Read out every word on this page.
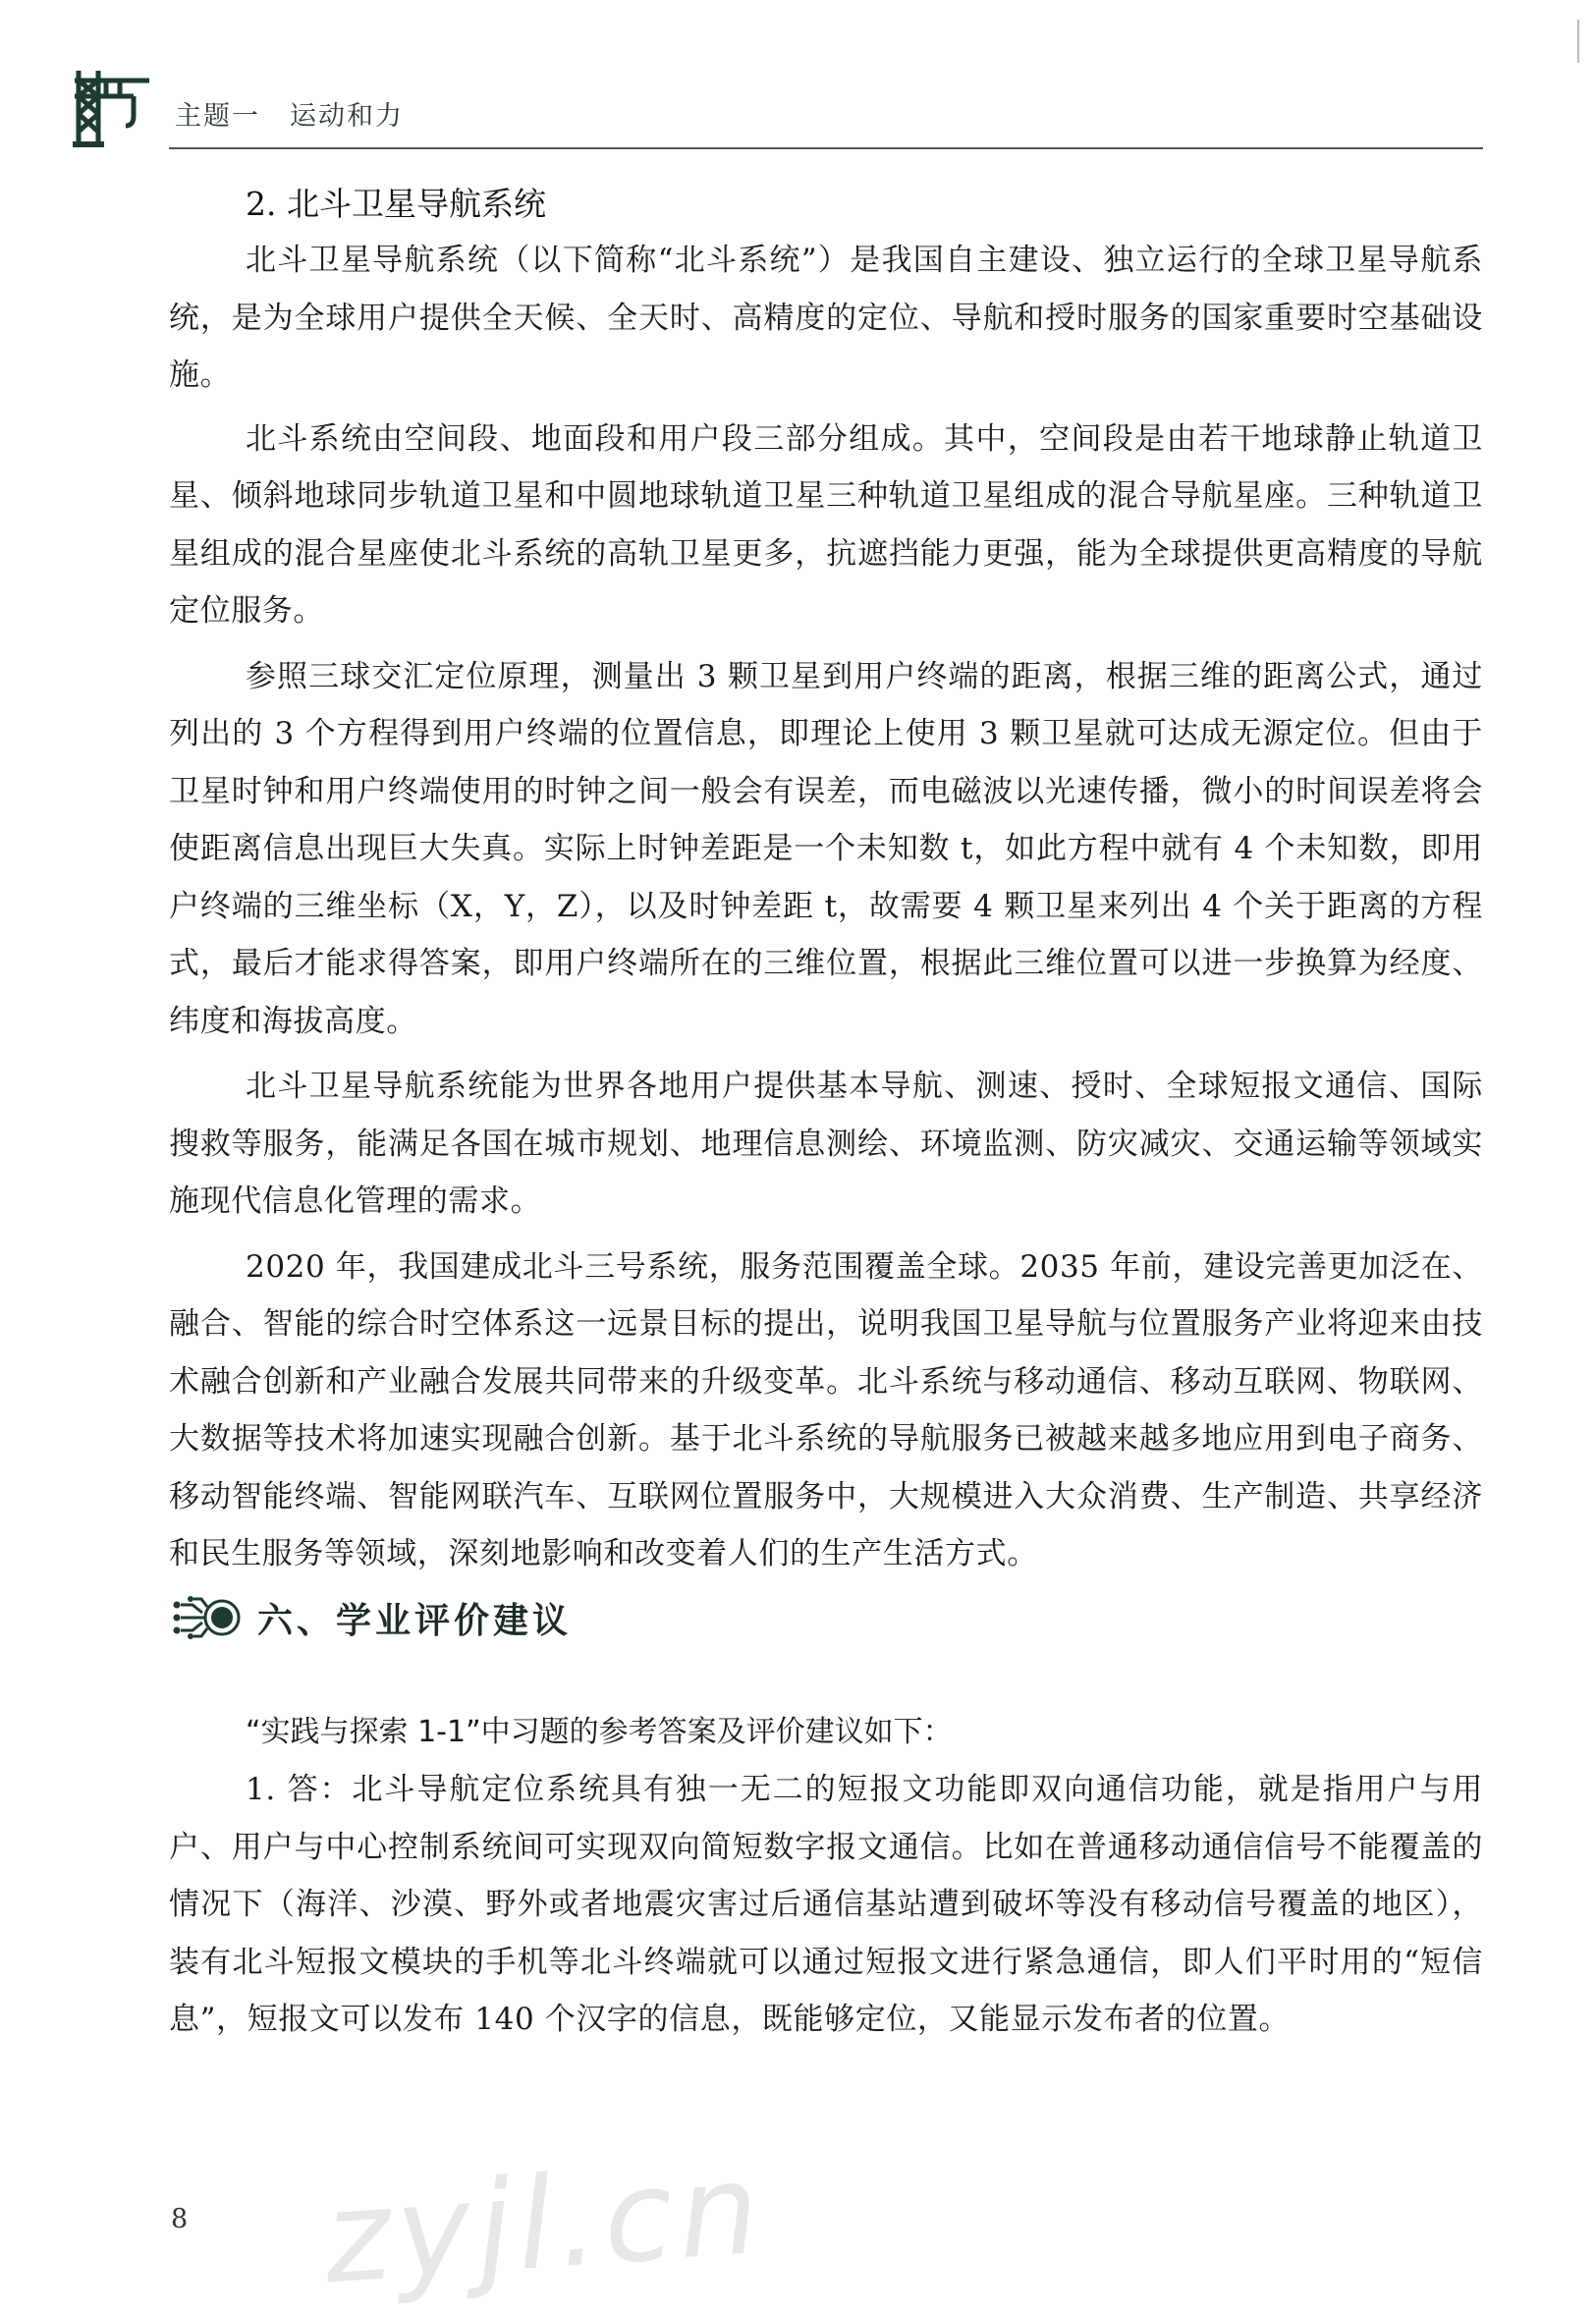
主题一 运动和力

2. 北斗卫星导航系统

北斗卫星导航系统（以下简称“北斗系统”）是我国自主建设、独立运行的全球卫星导航系统，是为全球用户提供全天候、全天时、高精度的定位、导航和授时服务的国家重要时空基础设施。

北斗系统由空间段、地面段和用户段三部分组成。其中，空间段是由若干地球静止轨道卫星、倾斜地球同步轨道卫星和中圆地球轨道卫星三种轨道卫星组成的混合导航星座。三种轨道卫星组成的混合星座使北斗系统的高轨卫星更多，抗遮挡能力更强，能为全球提供更高精度的导航定位服务。

参照三球交汇定位原理，测量出 3 颗卫星到用户终端的距离，根据三维的距离公式，通过列出的 3 个方程得到用户终端的位置信息，即理论上使用 3 颗卫星就可达成无源定位。但由于卫星时钟和用户终端使用的时钟之间一般会有误差，而电磁波以光速传播，微小的时间误差将会使距离信息出现巨大失真。实际上时钟差距是一个未知数 t，如此方程中就有 4 个未知数，即用户终端的三维坐标（X，Y，Z），以及时钟差距 t，故需要 4 颗卫星来列出 4 个关于距离的方程式，最后才能求得答案，即用户终端所在的三维位置，根据此三维位置可以进一步换算为经度、纬度和海拔高度。

北斗卫星导航系统能为世界各地用户提供基本导航、测速、授时、全球短报文通信、国际搜救等服务，能满足各国在城市规划、地理信息测绘、环境监测、防灾减灾、交通运输等领域实施现代信息化管理的需求。

2020 年，我国建成北斗三号系统，服务范围覆盖全球。2035 年前，建设完善更加泛在、融合、智能的综合时空体系这一远景目标的提出，说明我国卫星导航与位置服务产业将迎来由技术融合创新和产业融合发展共同带来的升级变革。北斗系统与移动通信、移动互联网、物联网、大数据等技术将加速实现融合创新。基于北斗系统的导航服务已被越来越多地应用到电子商务、移动智能终端、智能网联汽车、互联网位置服务中，大规模进入大众消费、生产制造、共享经济和民生服务等领域，深刻地影响和改变着人们的生产生活方式。

六、学业评价建议

“实践与探索 1-1”中习题的参考答案及评价建议如下：

1. 答：北斗导航定位系统具有独一无二的短报文功能即双向通信功能，就是指用户与用户、用户与中心控制系统间可实现双向简短数字报文通信。比如在普通移动通信信号不能覆盖的情况下（海洋、沙漠、野外或者地震灾害过后通信基站遭到破坏等没有移动信号覆盖的地区），装有北斗短报文模块的手机等北斗终端就可以通过短报文进行紧急通信，即人们平时用的“短信息”，短报文可以发布 140 个汉字的信息，既能够定位，又能显示发布者的位置。

8 zyjl.cn
